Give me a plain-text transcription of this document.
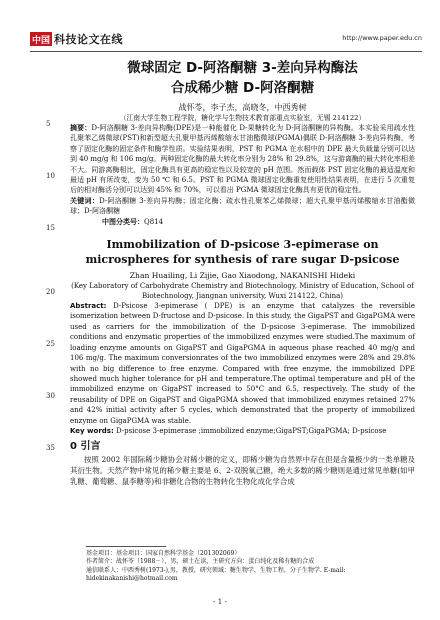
中国 科技论文在线	http://www.paper.edu.cn
5
10
15
20
25
30
35
微球固定 D-阿洛酮糖 3-差向异构酶法
合成稀少糖 D-阿洛酮糖
战怀苓，李子杰，高晓冬，中西秀树
（江南大学生物工程学院，糖化学与生物技术教育部重点实验室，无锡 214122）
摘要：D-阿洛酮糖 3-差向异构酶(DPE)是一种能催化 D-果糖转化为 D-阿洛酮糖的异构酶。本实验采用疏水性孔聚苯乙烯微球(PST)和新型超大孔聚甲基丙烯酸缩水甘油酯微球(PGMA)偶联 D-阿洛酮糖 3-差向异构酶，考察了固定化酶的固定条件和酶学性质。实验结果表明，PST 和 PGMA 在水相中的 DPE 最大负载量分别可以达到 40 mg/g 和 106 mg/g。两种固定化酶的最大转化率分别为 28% 和 29.8%，这与游离酶的最大转化率相差不大。同游离酶相比，固定化酶具有更高的稳定性以及较宽的 pH 范围。然而载体 PST 固定化酶的最适温度和最适 pH 有所改变，变为 50 ℃ 和 6.5。PST 和 PGMA 微球固定化酶重复使用性结果表明，在进行 5 次重复后的相对酶活分别可以达到 45% 和 70%，可以看出 PGMA 微球固定化酶具有更优的稳定性。
关键词：D-阿洛酮糖 3-差向异构酶；固定化酶；疏水性孔聚苯乙烯微球；超大孔聚甲基丙烯酸缩水甘油酯微球；D-阿洛酮糖
中图分类号：Q814
Immobilization of D-psicose 3-epimerase on
microspheres for synthesis of rare sugar D-psicose
Zhan Huailing, Li Zijie, Gao Xiaodong, NAKANISHI Hideki
(Key Laboratory of Carbohydrate Chemistry and Biotechnology, Ministry of Education, School of Biotechnology, Jiangnan university, Wuxi 214122, China)
Abstract: D-Psicose 3-epimerase ( DPE) is an enzyme that catalyzes the reversible isomerization between D-fructose and D-psicose. In this study, the GigaPST and GigaPGMA were used as carriers for the immobilization of the D-psicose 3-epimerase. The immobilized conditions and enzymatic properties of the immobilized enzymes were studied.The maximum of loading enzyme amounts on GigaPST and GigaPGMA in aqueous phase reached 40 mg/g and 106 mg/g. The maximum conversionrates of the two immobilized enzymes were 28% and 29.8% with no big difference to free enzyme. Compared with free enzyme, the immobilized DPE showed much higher tolerance for pH and temperature.The optimal temperature and pH of the immobilized enzyme on GigaPST increased to 50°C and 6.5, respectively. The study of the reusability of DPE on GigaPST and GigaPGMA showed that immobilized enzymes retained 27% and 42% initial activity after 5 cycles, which demonstrated that the property of immobilized enzyme on GigaPGMA was stable.
Key words: D-psicose 3-epimerase ;immobilized enzyme;GigaPST;GigaPGMA; D-psicose
0 引言
按照 2002 年国际稀少糖协会对稀少糖的定义，即稀少糖为自然界中存在但是含量极少的一类单糖及其衍生物。天然产物中常见的稀少糖主要是 6、2-双脱氧己糖，绝大多数的稀少糖则是通过常见单糖(如甲乳糖、葡萄糖、鼠李糖等)和非糖化合物的生物转化生物化成化学合成
基金项目：基金项目：国家自然科学基金（201302069）
作者简介：战怀苓（1988－），男，硕士在读，主研究方向：蛋白纯化及稀有糖的合成
通信联系人：中西秀树(1973-),男，教授，研究领域：糖生物学，生物工程，分子生物学. E-mail: hidekinakanishi@hotmail.com
- 1 -
